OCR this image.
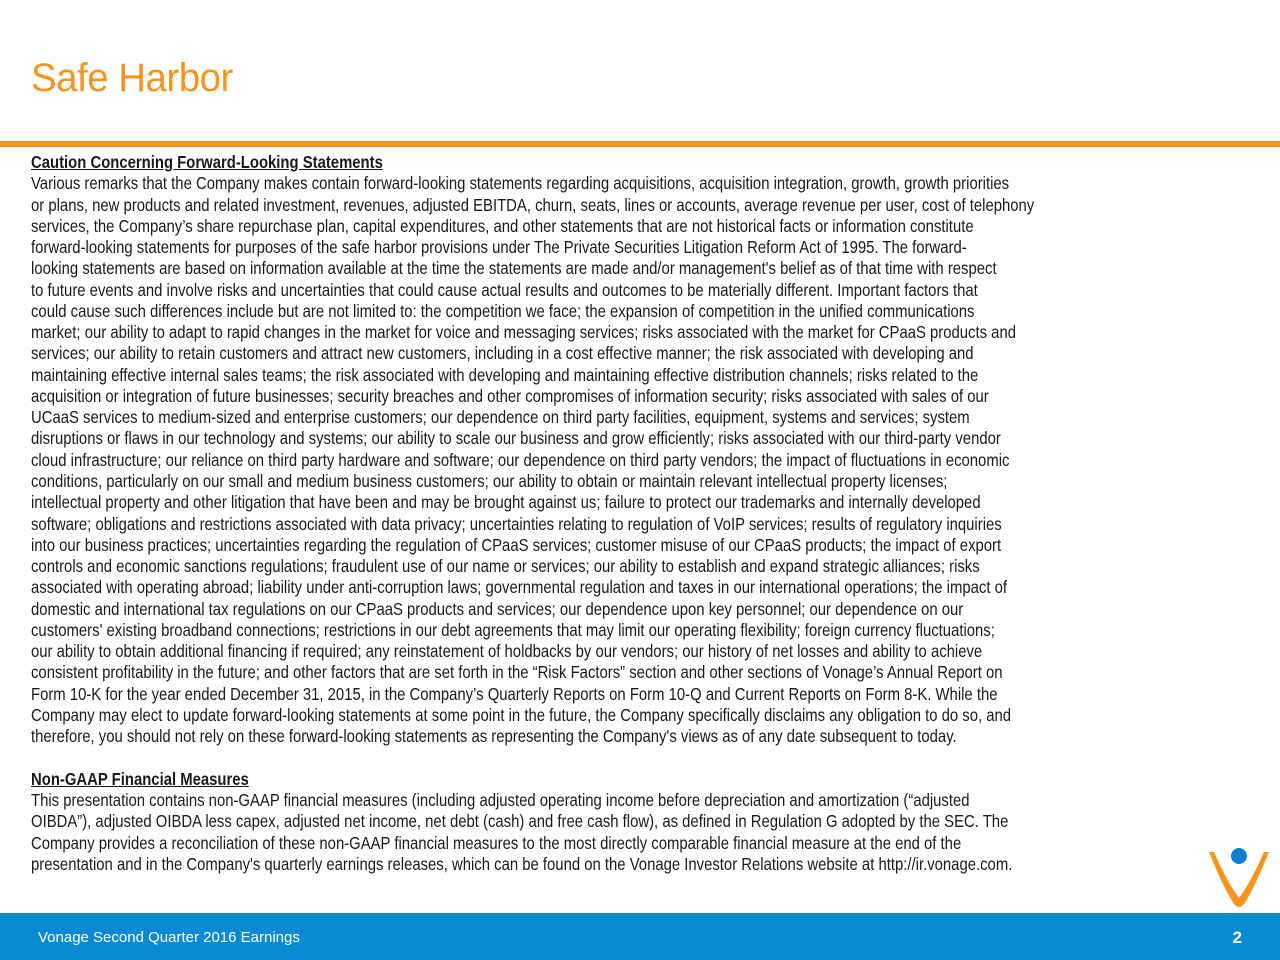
Safe Harbor
Caution Concerning Forward-Looking Statements
Various remarks that the Company makes contain forward-looking statements regarding acquisitions, acquisition integration, growth, growth priorities
or plans, new products and related investment, revenues, adjusted EBITDA, churn, seats, lines or accounts, average revenue per user, cost of telephony
services, the Company’s share repurchase plan, capital expenditures, and other statements that are not historical facts or information constitute
forward-looking statements for purposes of the safe harbor provisions under The Private Securities Litigation Reform Act of 1995. The forward-
looking statements are based on information available at the time the statements are made and/or management's belief as of that time with respect
to future events and involve risks and uncertainties that could cause actual results and outcomes to be materially different. Important factors that
could cause such differences include but are not limited to: the competition we face; the expansion of competition in the unified communications
market; our ability to adapt to rapid changes in the market for voice and messaging services; risks associated with the market for CPaaS products and
services; our ability to retain customers and attract new customers, including in a cost effective manner; the risk associated with developing and
maintaining effective internal sales teams; the risk associated with developing and maintaining effective distribution channels; risks related to the
acquisition or integration of future businesses; security breaches and other compromises of information security; risks associated with sales of our
UCaaS services to medium-sized and enterprise customers; our dependence on third party facilities, equipment, systems and services; system
disruptions or flaws in our technology and systems; our ability to scale our business and grow efficiently; risks associated with our third-party vendor
cloud infrastructure; our reliance on third party hardware and software; our dependence on third party vendors; the impact of fluctuations in economic
conditions, particularly on our small and medium business customers; our ability to obtain or maintain relevant intellectual property licenses;
intellectual property and other litigation that have been and may be brought against us; failure to protect our trademarks and internally developed
software; obligations and restrictions associated with data privacy; uncertainties relating to regulation of VoIP services; results of regulatory inquiries
into our business practices; uncertainties regarding the regulation of CPaaS services; customer misuse of our CPaaS products; the impact of export
controls and economic sanctions regulations; fraudulent use of our name or services; our ability to establish and expand strategic alliances; risks
associated with operating abroad; liability under anti-corruption laws; governmental regulation and taxes in our international operations; the impact of
domestic and international tax regulations on our CPaaS products and services; our dependence upon key personnel; our dependence on our
customers' existing broadband connections; restrictions in our debt agreements that may limit our operating flexibility; foreign currency fluctuations;
our ability to obtain additional financing if required; any reinstatement of holdbacks by our vendors; our history of net losses and ability to achieve
consistent profitability in the future; and other factors that are set forth in the “Risk Factors” section and other sections of Vonage’s Annual Report on
Form 10-K for the year ended December 31, 2015, in the Company’s Quarterly Reports on Form 10-Q and Current Reports on Form 8-K. While the
Company may elect to update forward-looking statements at some point in the future, the Company specifically disclaims any obligation to do so, and
therefore, you should not rely on these forward-looking statements as representing the Company's views as of any date subsequent to today.
Non-GAAP Financial Measures
This presentation contains non-GAAP financial measures (including adjusted operating income before depreciation and amortization (“adjusted
OIBDA”), adjusted OIBDA less capex, adjusted net income, net debt (cash) and free cash flow), as defined in Regulation G adopted by the SEC. The
Company provides a reconciliation of these non-GAAP financial measures to the most directly comparable financial measure at the end of the
presentation and in the Company's quarterly earnings releases, which can be found on the Vonage Investor Relations website at http://ir.vonage.com.
Vonage Second Quarter 2016 Earnings	2
